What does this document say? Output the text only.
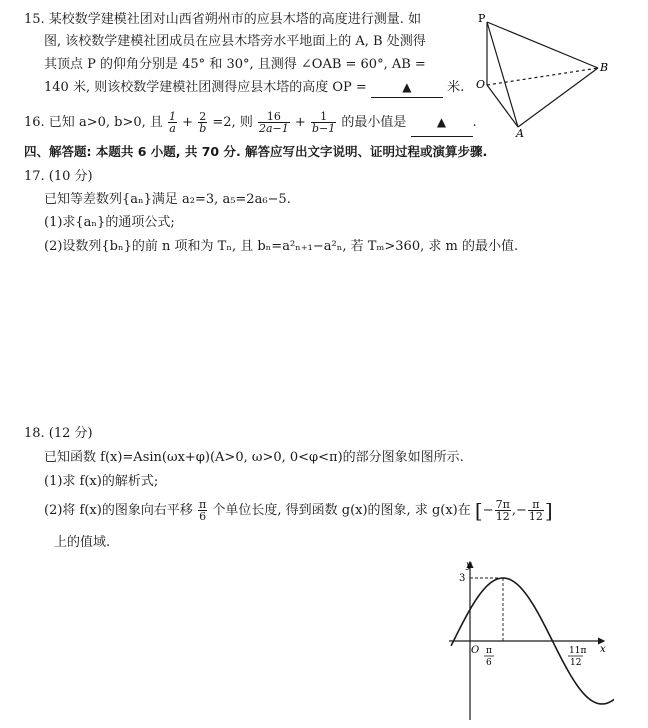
15. 某校数学建模社团对山西省朔州市的应县木塔的高度进行测量. 如
图, 该校数学建模社团成员在应县木塔旁水平地面上的 A, B 处测得
其顶点 P 的仰角分别是 45° 和 30°, 且测得 ∠OAB = 60°, AB =
140 米, 则该校数学建模社团测得应县木塔的高度 OP =	▲	米.
P
O
B
A
16. 已知 a>0, b>0, 且 $\frac{1}{a} + \frac{2}{b} =2$, 则 $\frac{16}{2a-1} + \frac{1}{b-1}$ 的最小值是	▲ .
四、解答题: 本题共 6 小题, 共 70 分. 解答应写出文字说明、证明过程或演算步骤.
17. (10 分)
已知等差数列{aₙ}满足 a₂=3, a₅=2a₆−5.
(1)求{aₙ}的通项公式;
(2)设数列{bₙ}的前 n 项和为 Tₙ, 且 bₙ=a²ₙ₊₁−a²ₙ, 若 Tₘ>360, 求 m 的最小值.
18. (12 分)
已知函数 f(x)=Asin(ωx+φ)(A>0, ω>0, 0<φ<π)的部分图象如图所示.
(1)求 f(x)的解析式;
(2)将 f(x)的图象向右平移 $\frac{\pi}{6}$ 个单位长度, 得到函数 g(x)的图象, 求 g(x)在 [− $\frac{7\pi}{12}$ ,− $\frac{\pi}{12}$ ]
上的值域.
y
x
3
O π
6
11π
12
